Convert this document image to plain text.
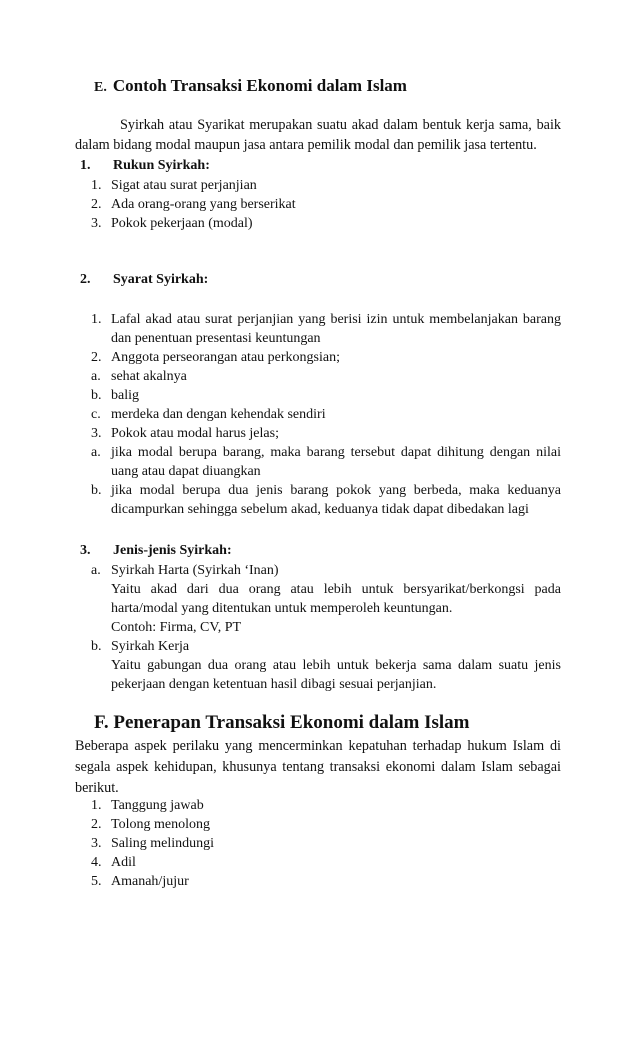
E. Contoh Transaksi Ekonomi dalam Islam

Syirkah atau Syarikat merupakan suatu akad dalam bentuk kerja sama, baik dalam bidang modal maupun jasa antara pemilik modal dan pemilik jasa tertentu.

1. Rukun Syirkah:
1. Sigat atau surat perjanjian
2. Ada orang-orang yang berserikat
3. Pokok pekerjaan (modal)
2. Syarat Syirkah:
1. Lafal akad atau surat perjanjian yang berisi izin untuk membelanjakan barang dan penentuan presentasi keuntungan
2. Anggota perseorangan atau perkongsian;
a. sehat akalnya
b. balig
c. merdeka dan dengan kehendak sendiri
3. Pokok atau modal harus jelas;
a. jika modal berupa barang, maka barang tersebut dapat dihitung dengan nilai uang atau dapat diuangkan
b. jika modal berupa dua jenis barang pokok yang berbeda, maka keduanya dicampurkan sehingga sebelum akad, keduanya tidak dapat dibedakan lagi
3. Jenis-jenis Syirkah:
a. Syirkah Harta (Syirkah ‘Inan)
Yaitu akad dari dua orang atau lebih untuk bersyarikat/berkongsi pada harta/modal yang ditentukan untuk memperoleh keuntungan.
Contoh: Firma, CV, PT
b. Syirkah Kerja
Yaitu gabungan dua orang atau lebih untuk bekerja sama dalam suatu jenis pekerjaan dengan ketentuan hasil dibagi sesuai perjanjian.
F. Penerapan Transaksi Ekonomi dalam Islam

Beberapa aspek perilaku yang mencerminkan kepatuhan terhadap hukum Islam di segala aspek kehidupan, khusunya tentang transaksi ekonomi dalam Islam sebagai berikut.

1. Tanggung jawab
2. Tolong menolong
3. Saling melindungi
4. Adil
5. Amanah/jujur
